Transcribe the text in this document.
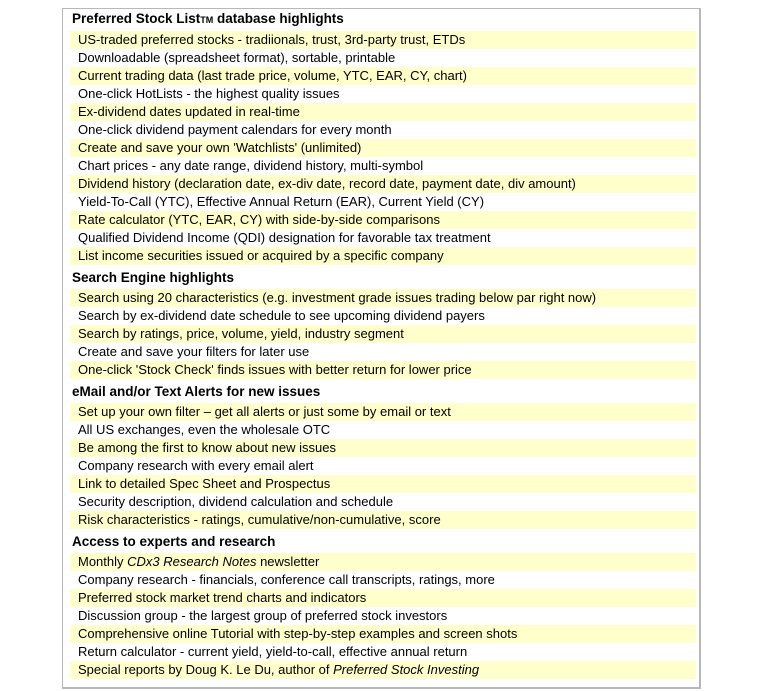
Preferred Stock ListTM database highlights
US-traded preferred stocks - tradiionals, trust, 3rd-party trust, ETDs
Downloadable (spreadsheet format), sortable, printable
Current trading data (last trade price, volume, YTC, EAR, CY, chart)
One-click HotLists - the highest quality issues
Ex-dividend dates updated in real-time
One-click dividend payment calendars for every month
Create and save your own 'Watchlists' (unlimited)
Chart prices - any date range, dividend history, multi-symbol
Dividend history (declaration date, ex-div date, record date, payment date, div amount)
Yield-To-Call (YTC), Effective Annual Return (EAR), Current Yield (CY)
Rate calculator (YTC, EAR, CY) with side-by-side comparisons
Qualified Dividend Income (QDI) designation for favorable tax treatment
List income securities issued or acquired by a specific company
Search Engine highlights
Search using 20 characteristics (e.g. investment grade issues trading below par right now)
Search by ex-dividend date schedule to see upcoming dividend payers
Search by ratings, price, volume, yield, industry segment
Create and save your filters for later use
One-click 'Stock Check' finds issues with better return for lower price
eMail and/or Text Alerts for new issues
Set up your own filter – get all alerts or just some by email or text
All US exchanges, even the wholesale OTC
Be among the first to know about new issues
Company research with every email alert
Link to detailed Spec Sheet and Prospectus
Security description, dividend calculation and schedule
Risk characteristics - ratings, cumulative/non-cumulative, score
Access to experts and research
Monthly CDx3 Research Notes newsletter
Company research - financials, conference call transcripts, ratings, more
Preferred stock market trend charts and indicators
Discussion group - the largest group of preferred stock investors
Comprehensive online Tutorial with step-by-step examples and screen shots
Return calculator - current yield, yield-to-call, effective annual return
Special reports by Doug K. Le Du, author of Preferred Stock Investing
